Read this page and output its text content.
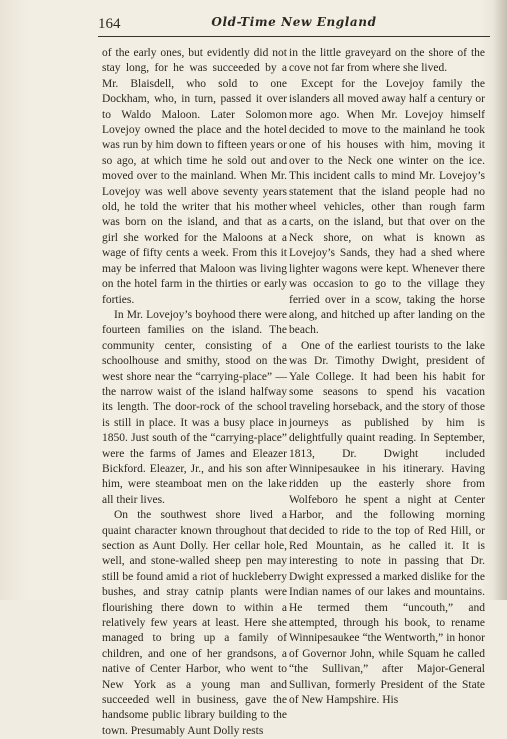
164	Old-Time New England

of the early ones, but evidently did not stay long, for he was succeeded by a Mr. Blaisdell, who sold to one Dockham, who, in turn, passed it over to Waldo Maloon. Later Solomon Lovejoy owned the place and the hotel was run by him down to fifteen years or so ago, at which time he sold out and moved over to the mainland. When Mr. Lovejoy was well above seventy years old, he told the writer that his mother was born on the island, and that as a girl she worked for the Maloons at a wage of fifty cents a week. From this it may be inferred that Maloon was living on the hotel farm in the thirties or early forties.

In Mr. Lovejoy’s boyhood there were fourteen families on the island. The community center, consisting of a schoolhouse and smithy, stood on the west shore near the “carrying-place” — the narrow waist of the island halfway its length. The door-rock of the school is still in place. It was a busy place in 1850. Just south of the “carrying-place” were the farms of James and Eleazer Bickford. Eleazer, Jr., and his son after him, were steamboat men on the lake all their lives.

On the southwest shore lived a quaint character known throughout that section as Aunt Dolly. Her cellar hole, well, and stone-walled sheep pen may still be found amid a riot of huckleberry bushes, and stray catnip plants were flourishing there down to within a relatively few years at least. Here she managed to bring up a family of children, and one of her grandsons, a native of Center Harbor, who went to New York as a young man and succeeded well in business, gave the handsome public library building to the town. Presumably Aunt Dolly rests

in the little graveyard on the shore of the cove not far from where she lived.

Except for the Lovejoy family the islanders all moved away half a century or more ago. When Mr. Lovejoy himself decided to move to the mainland he took one of his houses with him, moving it over to the Neck one winter on the ice. This incident calls to mind Mr. Lovejoy’s statement that the island people had no wheel vehicles, other than rough farm carts, on the island, but that over on the Neck shore, on what is known as Lovejoy’s Sands, they had a shed where lighter wagons were kept. Whenever there was occasion to go to the village they ferried over in a scow, taking the horse along, and hitched up after landing on the beach.

One of the earliest tourists to the lake was Dr. Timothy Dwight, president of Yale College. It had been his habit for some seasons to spend his vacation traveling horseback, and the story of those journeys as published by him is delightfully quaint reading. In September, 1813, Dr. Dwight included Winnipesaukee in his itinerary. Having ridden up the easterly shore from Wolfeboro he spent a night at Center Harbor, and the following morning decided to ride to the top of Red Hill, or Red Mountain, as he called it. It is interesting to note in passing that Dr. Dwight expressed a marked dislike for the Indian names of our lakes and mountains. He termed them “uncouth,” and attempted, through his book, to rename Winnipesaukee “the Wentworth,” in honor of Governor John, while Squam he called “the Sullivan,” after Major-General Sullivan, formerly President of the State of New Hampshire. His
